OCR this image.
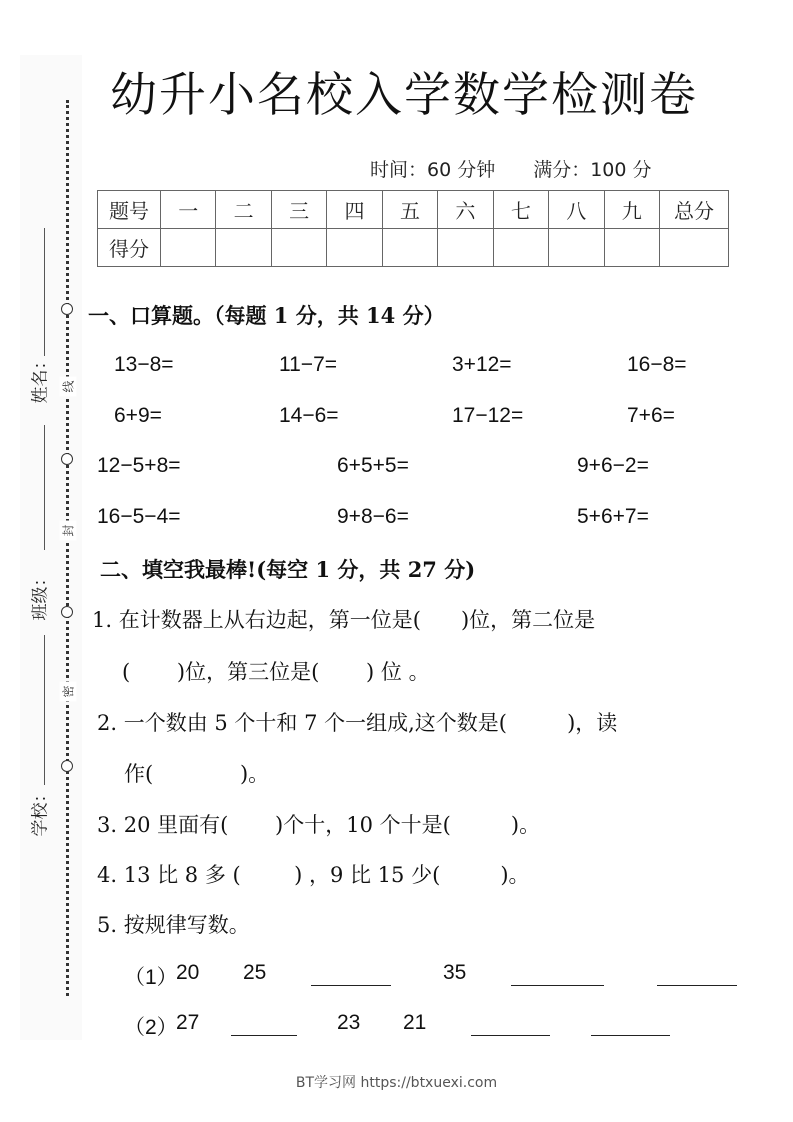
姓名：
班级：
学校：
线
封
密
幼升小名校入学数学检测卷
时间：60 分钟 满分：100 分
题号	一	二	三	四	五	六	七	八	九	总分
得分										
一、口算题。（每题 1 分，共 14 分）
13−8=	11−7=	3+12=	16−8=
6+9=	14−6=	17−12=	7+6=
12−5+8=	6+5+5=	9+6−2=
16−5−4=	9+8−6=	5+6+7=
二、填空我最棒!(每空 1 分，共 27 分)
1. 在计数器上从右边起，第一位是(      )位，第二位是
(       )位，第三位是(       ) 位 。
2. 一个数由 5 个十和 7 个一组成,这个数是(         )，读
作(             )。
3. 20 里面有(       )个十，10 个十是(         )。
4. 13 比 8 多 (        ) ，9 比 15 少(         )。
5. 按规律写数。
（1）
20 25	35
（2）
27	23 21
BT学习网 https://btxuexi.com
